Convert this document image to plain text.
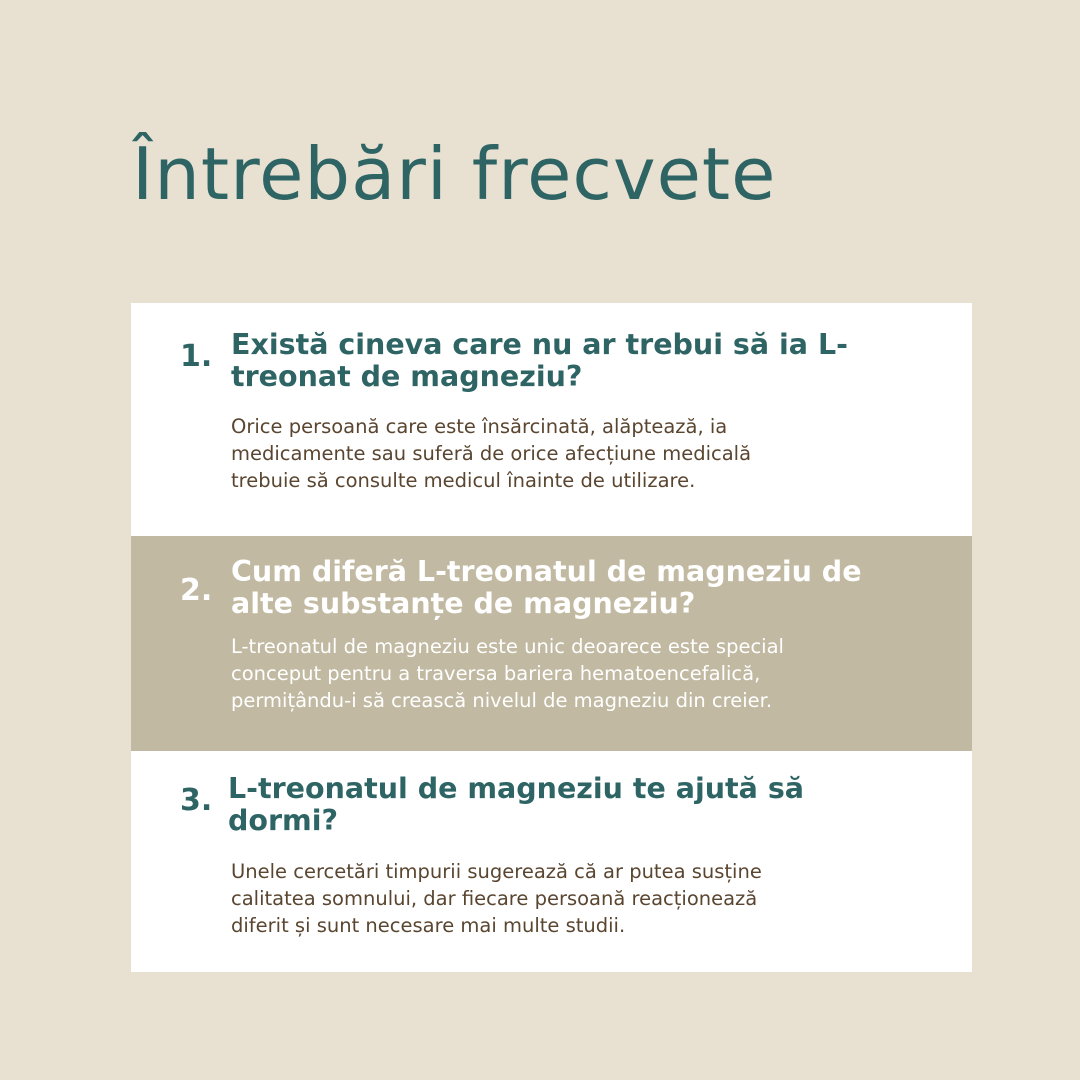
Întrebări frecvete
1. Există cineva care nu ar trebui să ia L-
treonat de magneziu?

Orice persoană care este însărcinată, alăptează, ia
medicamente sau suferă de orice afecțiune medicală
trebuie să consulte medicul înainte de utilizare.

2.
Cum diferă L-treonatul de magneziu de
alte substanțe de magneziu?

L-treonatul de magneziu este unic deoarece este special
conceput pentru a traversa bariera hematoencefalică,
permițându-i să crească nivelul de magneziu din creier.

3. L-treonatul de magneziu te ajută să
dormi?

Unele cercetări timpurii sugerează că ar putea susține
calitatea somnului, dar fiecare persoană reacționează
diferit și sunt necesare mai multe studii.
